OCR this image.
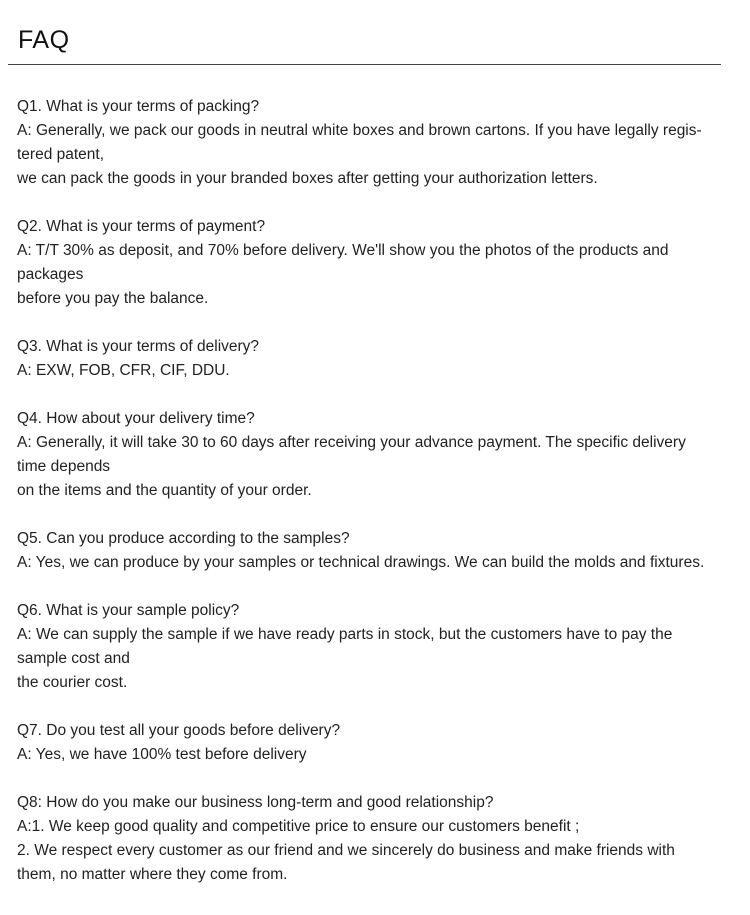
FAQ
Q1. What is your terms of packing?
A: Generally, we pack our goods in neutral white boxes and brown cartons. If you have legally regis-
tered patent,
we can pack the goods in your branded boxes after getting your authorization letters.
Q2. What is your terms of payment?
A: T/T 30% as deposit, and 70% before delivery. We'll show you the photos of the products and
packages
before you pay the balance.
Q3. What is your terms of delivery?
A: EXW, FOB, CFR, CIF, DDU.
Q4. How about your delivery time?
A: Generally, it will take 30 to 60 days after receiving your advance payment. The specific delivery
time depends
on the items and the quantity of your order.
Q5. Can you produce according to the samples?
A: Yes, we can produce by your samples or technical drawings. We can build the molds and fixtures.
Q6. What is your sample policy?
A: We can supply the sample if we have ready parts in stock, but the customers have to pay the
sample cost and
the courier cost.
Q7. Do you test all your goods before delivery?
A: Yes, we have 100% test before delivery
Q8: How do you make our business long-term and good relationship?
A:1. We keep good quality and competitive price to ensure our customers benefit ;
2. We respect every customer as our friend and we sincerely do business and make friends with
them, no matter where they come from.
